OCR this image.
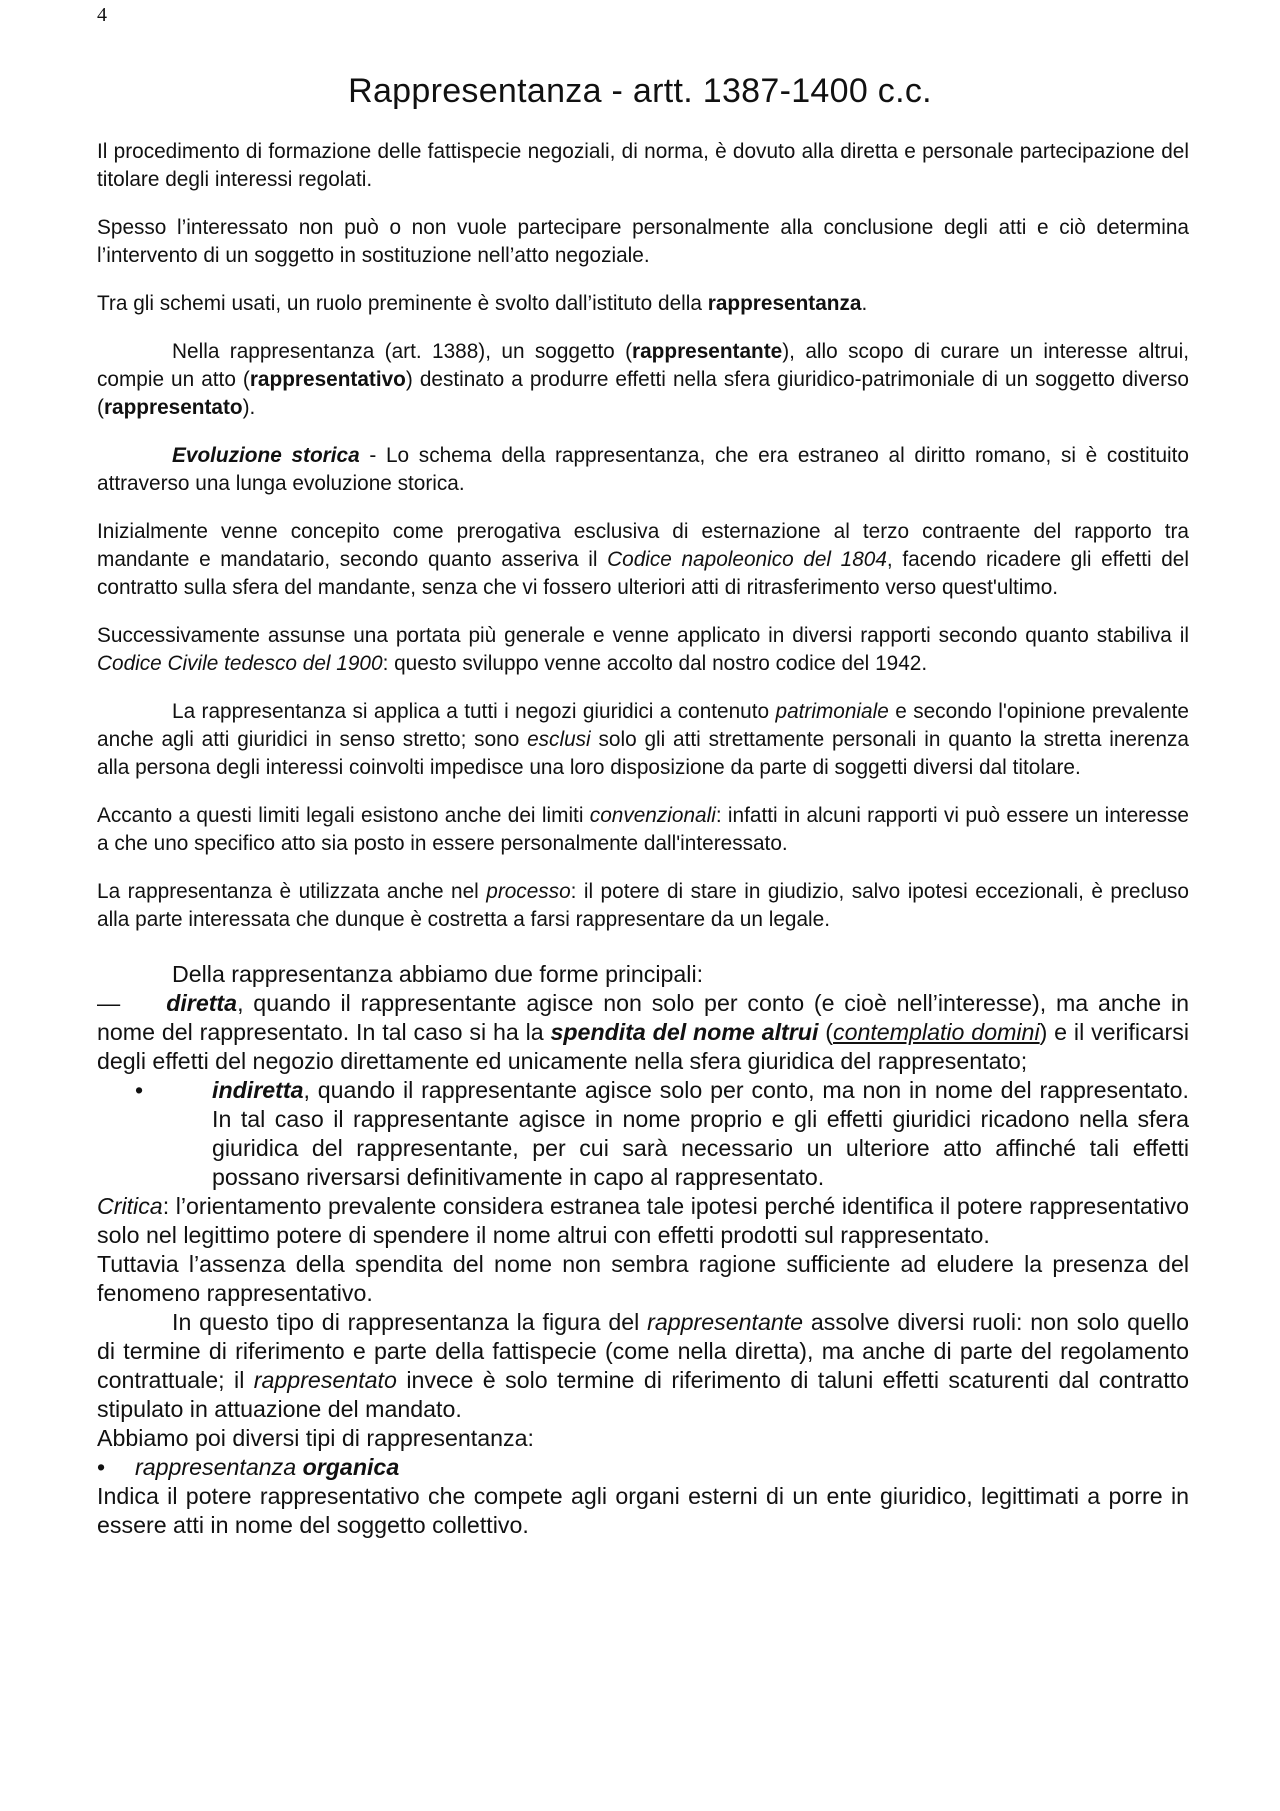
4
Rappresentanza - artt. 1387-1400 c.c.

Il procedimento di formazione delle fattispecie negoziali, di norma, è dovuto alla diretta e personale partecipazione del titolare degli interessi regolati.

Spesso l’interessato non può o non vuole partecipare personalmente alla conclusione degli atti e ciò determina l’intervento di un soggetto in sostituzione nell’atto negoziale.

Tra gli schemi usati, un ruolo preminente è svolto dall’istituto della rappresentanza.

Nella rappresentanza (art. 1388), un soggetto (rappresentante), allo scopo di curare un interesse altrui, compie un atto (rappresentativo) destinato a produrre effetti nella sfera giuridico-patrimoniale di un soggetto diverso (rappresentato).

Evoluzione storica - Lo schema della rappresentanza, che era estraneo al diritto romano, si è costituito attraverso una lunga evoluzione storica.

Inizialmente venne concepito come prerogativa esclusiva di esternazione al terzo contraente del rapporto tra mandante e mandatario, secondo quanto asseriva il Codice napoleonico del 1804, facendo ricadere gli effetti del contratto sulla sfera del mandante, senza che vi fossero ulteriori atti di ritrasferimento verso quest'ultimo.

Successivamente assunse una portata più generale e venne applicato in diversi rapporti secondo quanto stabiliva il Codice Civile tedesco del 1900: questo sviluppo venne accolto dal nostro codice del 1942.

La rappresentanza si applica a tutti i negozi giuridici a contenuto patrimoniale e secondo l'opinione prevalente anche agli atti giuridici in senso stretto; sono esclusi solo gli atti strettamente personali in quanto la stretta inerenza alla persona degli interessi coinvolti impedisce una loro disposizione da parte di soggetti diversi dal titolare.

Accanto a questi limiti legali esistono anche dei limiti convenzionali: infatti in alcuni rapporti vi può essere un interesse a che uno specifico atto sia posto in essere personalmente dall'interessato.

La rappresentanza è utilizzata anche nel processo: il potere di stare in giudizio, salvo ipotesi eccezionali, è precluso alla parte interessata che dunque è costretta a farsi rappresentare da un legale.

Della rappresentanza abbiamo due forme principali:

— diretta, quando il rappresentante agisce non solo per conto (e cioè nell’interesse), ma anche in nome del rappresentato. In tal caso si ha la spendita del nome altrui (contemplatio domini) e il verificarsi degli effetti del negozio direttamente ed unicamente nella sfera giuridica del rappresentato;

•	indiretta, quando il rappresentante agisce solo per conto, ma non in nome del rappresentato. In tal caso il rappresentante agisce in nome proprio e gli effetti giuridici ricadono nella sfera giuridica del rappresentante, per cui sarà necessario un ulteriore atto affinché tali effetti possano riversarsi definitivamente in capo al rappresentato.

Critica: l’orientamento prevalente considera estranea tale ipotesi perché identifica il potere rappresentativo solo nel legittimo potere di spendere il nome altrui con effetti prodotti sul rappresentato.

Tuttavia l’assenza della spendita del nome non sembra ragione sufficiente ad eludere la presenza del fenomeno rappresentativo.

In questo tipo di rappresentanza la figura del rappresentante assolve diversi ruoli: non solo quello di termine di riferimento e parte della fattispecie (come nella diretta), ma anche di parte del regolamento contrattuale; il rappresentato invece è solo termine di riferimento di taluni effetti scaturenti dal contratto stipulato in attuazione del mandato.

Abbiamo poi diversi tipi di rappresentanza:

•	rappresentanza organica

Indica il potere rappresentativo che compete agli organi esterni di un ente giuridico, legittimati a porre in essere atti in nome del soggetto collettivo.
